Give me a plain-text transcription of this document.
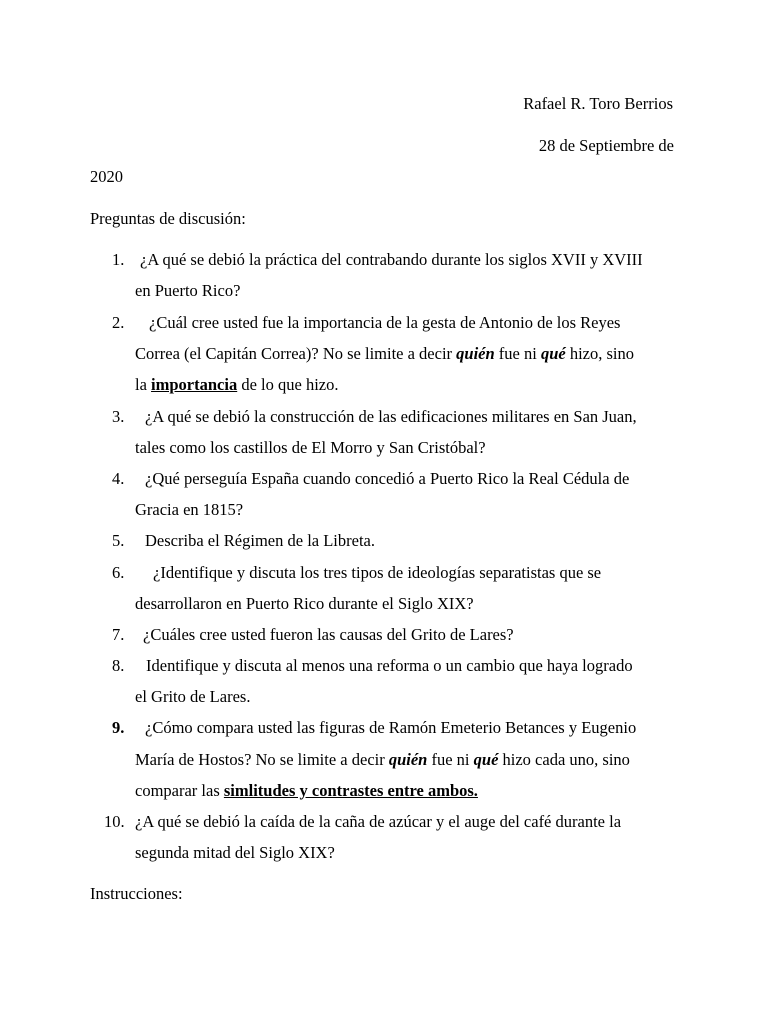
Rafael R. Toro Berrios
28 de Septiembre de
2020
Preguntas de discusión:
1. ¿A qué se debió la práctica del contrabando durante los siglos XVII y XVIII
en Puerto Rico?
2. ¿Cuál cree usted fue la importancia de la gesta de Antonio de los Reyes
Correa (el Capitán Correa)? No se limite a decir quién fue ni qué hizo, sino
la importancia de lo que hizo.
3. ¿A qué se debió la construcción de las edificaciones militares en San Juan,
tales como los castillos de El Morro y San Cristóbal?
4. ¿Qué perseguía España cuando concedió a Puerto Rico la Real Cédula de
Gracia en 1815?
5. Describa el Régimen de la Libreta.
6. ¿Identifique y discuta los tres tipos de ideologías separatistas que se
desarrollaron en Puerto Rico durante el Siglo XIX?
7. ¿Cuáles cree usted fueron las causas del Grito de Lares?
8. Identifique y discuta al menos una reforma o un cambio que haya logrado
el Grito de Lares.
9. ¿Cómo compara usted las figuras de Ramón Emeterio Betances y Eugenio
María de Hostos? No se limite a decir quién fue ni qué hizo cada uno, sino
comparar las simlitudes y contrastes entre ambos.
10. ¿A qué se debió la caída de la caña de azúcar y el auge del café durante la
segunda mitad del Siglo XIX?
Instrucciones:
